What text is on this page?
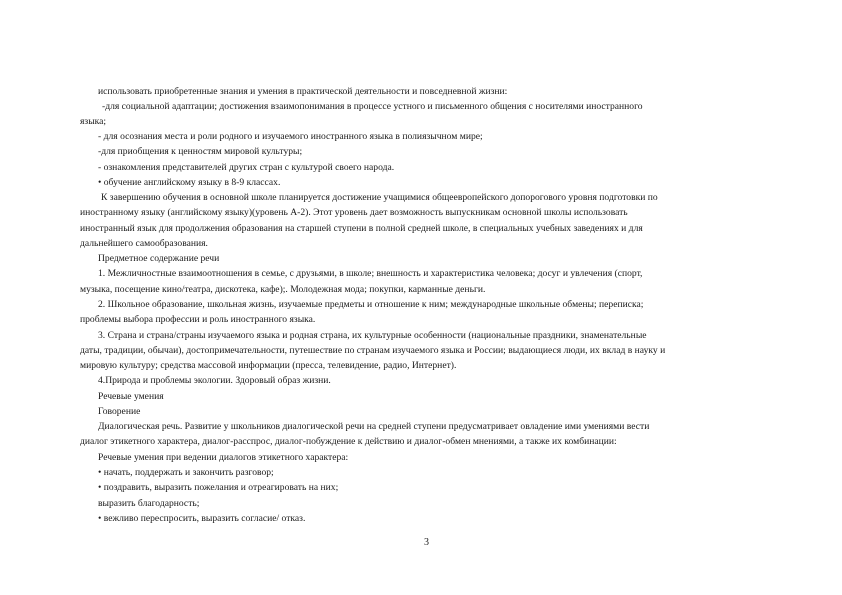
использовать приобретенные знания и умения в практической деятельности и повседневной жизни:
-для социальной адаптации; достижения взаимопонимания в процессе устного и письменного общения с носителями иностранного
языка;
- для осознания места и роли родного и изучаемого иностранного языка в полиязычном мире;
-для приобщения к ценностям мировой культуры;
- ознакомления представителей других стран с культурой своего народа.
• обучение английскому языку в 8-9 классах.
К завершению обучения в основной школе планируется достижение учащимися общеевропейского допорогового уровня подготовки по
иностранному языку (английскому языку)(уровень А-2). Этот уровень дает возможность выпускникам основной школы использовать
иностранный язык для продолжения образования на старшей ступени в полной средней школе, в специальных учебных заведениях и для
дальнейшего самообразования.
Предметное содержание речи
1. Межличностные взаимоотношения в семье, с друзьями, в школе; внешность и характеристика человека; досуг и увлечения (спорт,
музыка, посещение кино/театра, дискотека, кафе);. Молодежная мода; покупки, карманные деньги.
2. Школьное образование, школьная жизнь, изучаемые предметы и отношение к ним; международные школьные обмены; переписка;
проблемы выбора профессии и роль иностранного языка.
3. Страна и страна/страны изучаемого языка и родная страна, их культурные особенности (национальные праздники, знаменательные
даты, традиции, обычаи), достопримечательности, путешествие по странам изучаемого языка и России; выдающиеся люди, их вклад в науку и
мировую культуру; средства массовой информации (пресса, телевидение, радио, Интернет).
4.Природа и проблемы экологии. Здоровый образ жизни.
Речевые умения
Говорение
Диалогическая речь. Развитие у школьников диалогической речи на средней ступени предусматривает овладение ими умениями вести
диалог этикетного характера, диалог-расспрос, диалог-побуждение к действию и диалог-обмен мнениями, а также их комбинации:
Речевые умения при ведении диалогов этикетного характера:
• начать, поддержать и закончить разговор;
• поздравить, выразить пожелания и отреагировать на них;
выразить благодарность;
• вежливо переспросить, выразить согласие/ отказ.
3
